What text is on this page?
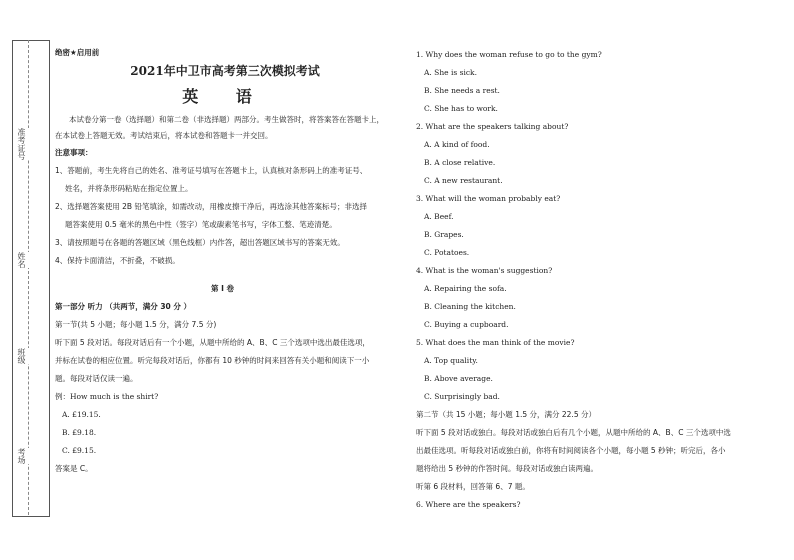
准考证号
姓名
班级
考场
绝密★启用前
2021年中卫市高考第三次模拟考试
英 语

本试卷分第一卷（选择题）和第二卷（非选择题）两部分。考生做答时，将答案答在答题卡上，在本试卷上答题无效。考试结束后，将本试卷和答题卡一并交回。

注意事项：

1、答题前，考生先将自己的姓名、准考证号填写在答题卡上，认真核对条形码上的准考证号、

姓名，并将条形码粘贴在指定位置上。

2、选择题答案使用 2B 铅笔填涂，如需改动，用橡皮擦干净后，再选涂其他答案标号；非选择

题答案使用 0.5 毫米的黑色中性（签字）笔或碳素笔书写，字体工整、笔迹清楚。

3、请按照题号在各题的答题区域（黑色线框）内作答，超出答题区域书写的答案无效。

4、保持卡面清洁，不折叠，不破损。

第 I 卷

第一部分 听力 （共两节，满分 30 分 ）

第一节(共 5 小题；每小题 1.5 分，满分 7.5 分)

听下面 5 段对话。每段对话后有一个小题，从题中所给的 A、B、C 三个选项中选出最佳选项，

并标在试卷的相应位置。听完每段对话后，你都有 10 秒钟的时间来回答有关小题和阅读下一小

题。每段对话仅读一遍。

例：How much is the shirt?

A. £19.15.

B. £9.18.

C. £9.15.

答案是 C。

1. Why does the woman refuse to go to the gym?

A. She is sick.

B. She needs a rest.

C. She has to work.

2. What are the speakers talking about?

A. A kind of food.

B. A close relative.

C. A new restaurant.

3. What will the woman probably eat?

A. Beef.

B. Grapes.

C. Potatoes.

4. What is the woman's suggestion?

A. Repairing the sofa.

B. Cleaning the kitchen.

C. Buying a cupboard.

5. What does the man think of the movie?

A. Top quality.

B. Above average.

C. Surprisingly bad.

第二节（共 15 小题；每小题 1.5 分，满分 22.5 分）

听下面 5 段对话或独白。每段对话或独白后有几个小题，从题中所给的 A、B、C 三个选项中选

出最佳选项。听每段对话或独白前，你将有时间阅读各个小题，每小题 5 秒钟；听完后，各小

题将给出 5 秒钟的作答时间。每段对话或独白读两遍。

听第 6 段材料，回答第 6、7 题。

6. Where are the speakers?
